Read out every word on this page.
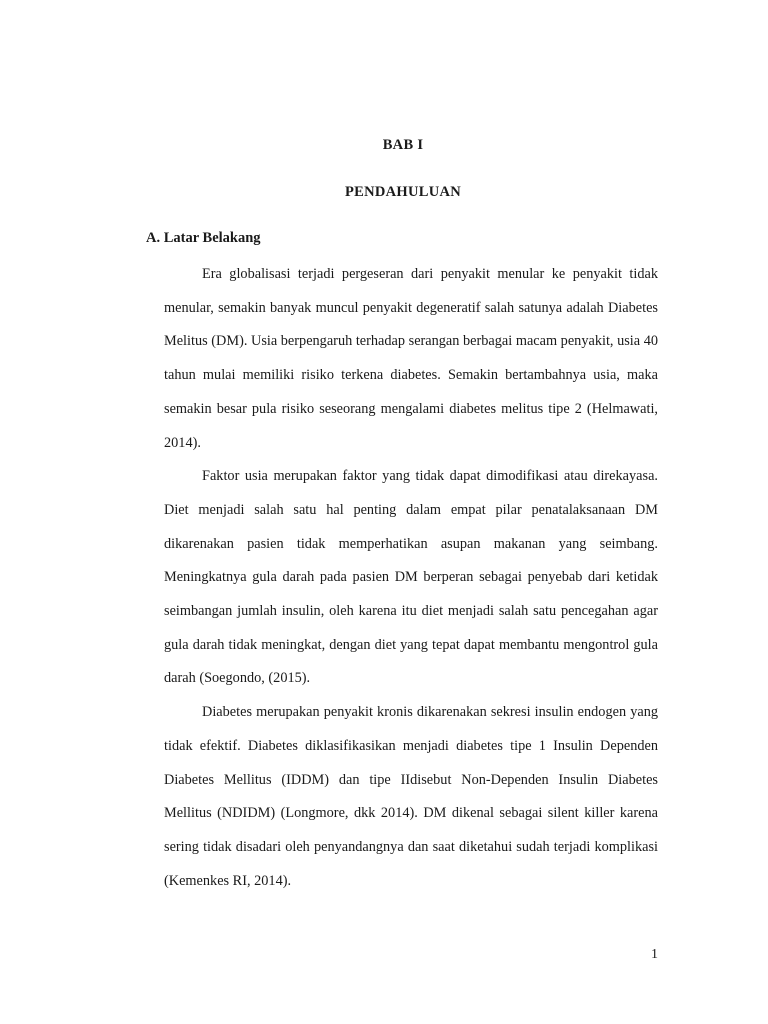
BAB I
PENDAHULUAN
A. Latar Belakang

Era globalisasi terjadi pergeseran dari penyakit menular ke penyakit tidak menular, semakin banyak muncul penyakit degeneratif salah satunya adalah Diabetes Melitus (DM). Usia berpengaruh terhadap serangan berbagai macam penyakit, usia 40 tahun mulai memiliki risiko terkena diabetes. Semakin bertambahnya usia, maka semakin besar pula risiko seseorang mengalami diabetes melitus tipe 2 (Helmawati, 2014).

Faktor usia merupakan faktor yang tidak dapat dimodifikasi atau direkayasa. Diet menjadi salah satu hal penting dalam empat pilar penatalaksanaan DM dikarenakan pasien tidak memperhatikan asupan makanan yang seimbang. Meningkatnya gula darah pada pasien DM berperan sebagai penyebab dari ketidak seimbangan jumlah insulin, oleh karena itu diet menjadi salah satu pencegahan agar gula darah tidak meningkat, dengan diet yang tepat dapat membantu mengontrol gula darah (Soegondo, (2015).

Diabetes merupakan penyakit kronis dikarenakan sekresi insulin endogen yang tidak efektif. Diabetes diklasifikasikan menjadi diabetes tipe 1 Insulin Dependen Diabetes Mellitus (IDDM) dan tipe IIdisebut Non-Dependen Insulin Diabetes Mellitus (NDIDM) (Longmore, dkk 2014). DM dikenal sebagai silent killer karena sering tidak disadari oleh penyandangnya dan saat diketahui sudah terjadi komplikasi (Kemenkes RI, 2014).

1
